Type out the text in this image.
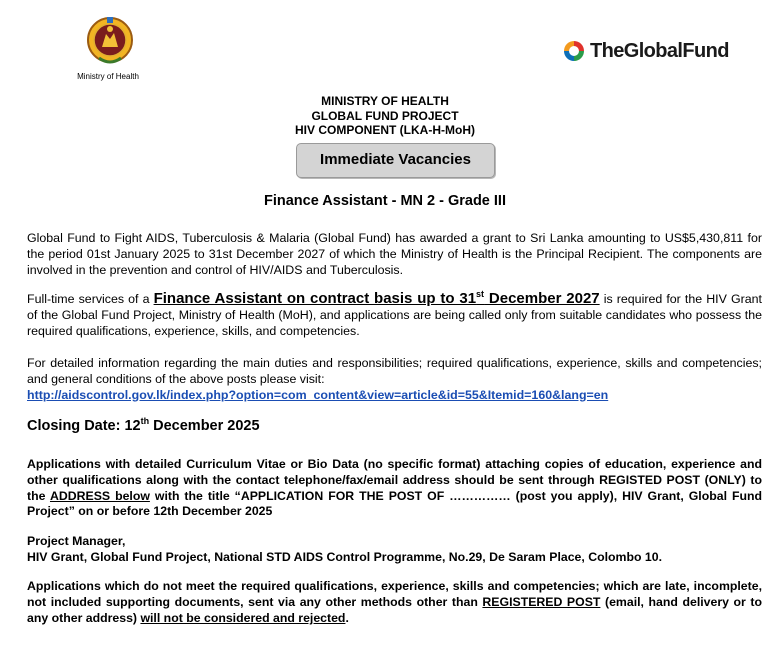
Ministry of Health
TheGlobalFund
MINISTRY OF HEALTH
GLOBAL FUND PROJECT
HIV COMPONENT (LKA-H-MoH)
Immediate Vacancies
Finance Assistant - MN 2 - Grade III
Global Fund to Fight AIDS, Tuberculosis & Malaria (Global Fund) has awarded a grant to Sri Lanka amounting to US$5,430,811 for the period 01st January 2025 to 31st December 2027 of which the Ministry of Health is the Principal Recipient. The components are involved in the prevention and control of HIV/AIDS and Tuberculosis.
Full-time services of a Finance Assistant on contract basis up to 31st December 2027 is required for the HIV Grant of the Global Fund Project, Ministry of Health (MoH), and applications are being called only from suitable candidates who possess the required qualifications, experience, skills, and competencies.
For detailed information regarding the main duties and responsibilities; required qualifications, experience, skills and competencies; and general conditions of the above posts please visit:
http://aidscontrol.gov.lk/index.php?option=com_content&view=article&id=55&Itemid=160&lang=en
Closing Date: 12th December 2025
Applications with detailed Curriculum Vitae or Bio Data (no specific format) attaching copies of education, experience and other qualifications along with the contact telephone/fax/email address should be sent through REGISTED POST (ONLY) to the ADDRESS below with the title “APPLICATION FOR THE POST OF …………… (post you apply), HIV Grant, Global Fund Project” on or before 12th December 2025
Project Manager,
HIV Grant, Global Fund Project, National STD AIDS Control Programme, No.29, De Saram Place, Colombo 10.
Applications which do not meet the required qualifications, experience, skills and competencies; which are late, incomplete, not included supporting documents, sent via any other methods other than REGISTERED POST (email, hand delivery or to any other address) will not be considered and rejected.
